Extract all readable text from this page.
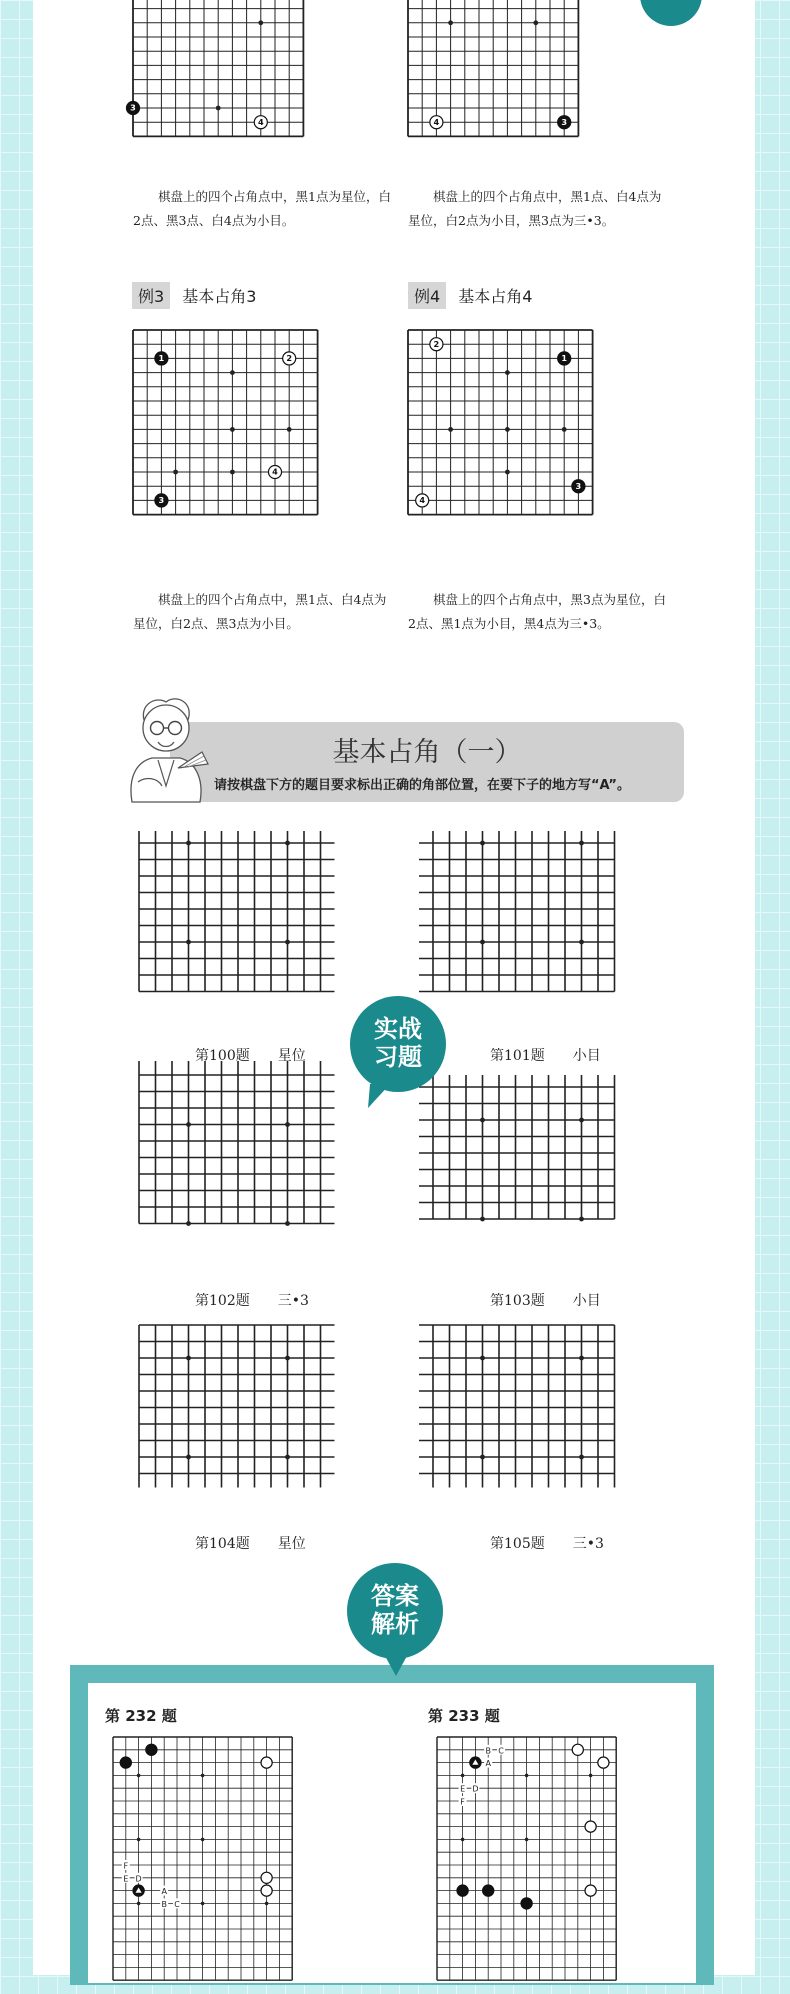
3
4	4	3

棋盘上的四个占角点中，黑1点为星位，白2点、黑3点、白4点为小目。

棋盘上的四个占角点中，黑1点、白4点为星位，白2点为小目，黑3点为三•3。

例3	基本占角3	例4	基本占角4
1	2
3
4
2
1
4
3

棋盘上的四个占角点中，黑1点、白4点为星位，白2点、黑3点为小目。

棋盘上的四个占角点中，黑3点为星位，白2点、黑1点为小目，黑4点为三•3。

基本占角（一）
请按棋盘下方的题目要求标出正确的角部位置，在要下子的地方写“A”。
第100题　　星位	第101题　　小目
第102题　　三•3	第103题　　小目
第104题　　星位	第105题　　三•3
实战
习题
答案
解析
第 232 题	第 233 题
F
E D
A
B C
B C
A
E D
F
